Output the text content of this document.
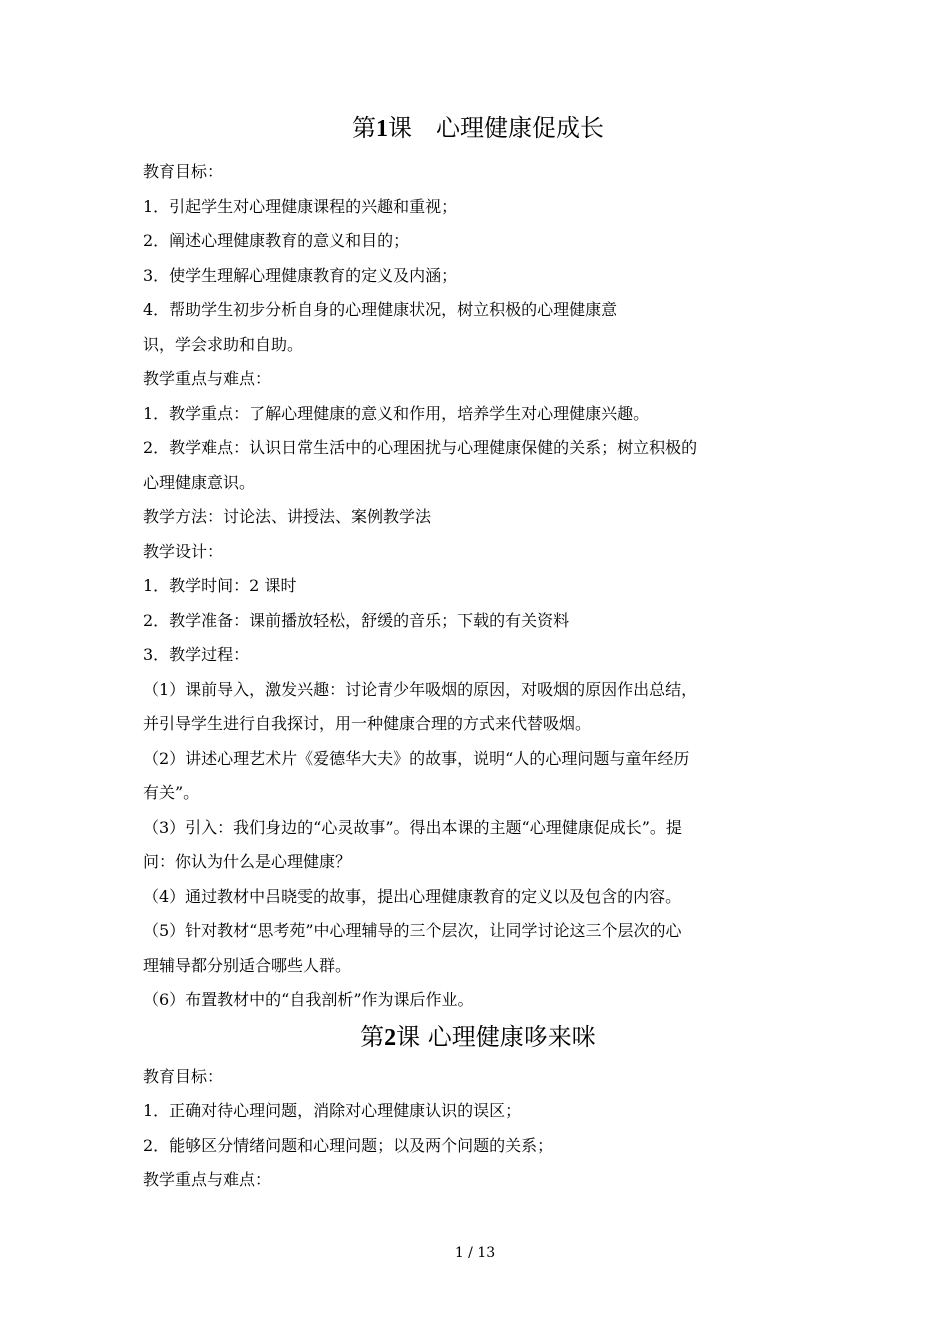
第1课　心理健康促成长

教育目标：

1．引起学生对心理健康课程的兴趣和重视；

2．阐述心理健康教育的意义和目的；

3．使学生理解心理健康教育的定义及内涵；

4．帮助学生初步分析自身的心理健康状况，树立积极的心理健康意

识，学会求助和自助。

教学重点与难点：

1．教学重点：了解心理健康的意义和作用，培养学生对心理健康兴趣。

2．教学难点：认识日常生活中的心理困扰与心理健康保健的关系；树立积极的

心理健康意识。

教学方法：讨论法、讲授法、案例教学法

教学设计：

1．教学时间：2 课时

2．教学准备：课前播放轻松，舒缓的音乐；下载的有关资料

3．教学过程：

（1）课前导入，激发兴趣：讨论青少年吸烟的原因，对吸烟的原因作出总结，

并引导学生进行自我探讨，用一种健康合理的方式来代替吸烟。

（2）讲述心理艺术片《爱德华大夫》的故事，说明“人的心理问题与童年经历

有关”。

（3）引入：我们身边的“心灵故事”。得出本课的主题“心理健康促成长”。提

问：你认为什么是心理健康？

（4）通过教材中吕晓雯的故事，提出心理健康教育的定义以及包含的内容。

（5）针对教材“思考苑”中心理辅导的三个层次，让同学讨论这三个层次的心

理辅导都分别适合哪些人群。

（6）布置教材中的“自我剖析”作为课后作业。

第2课 心理健康哆来咪

教育目标：

1．正确对待心理问题，消除对心理健康认识的误区；

2．能够区分情绪问题和心理问题；以及两个问题的关系；

教学重点与难点：

1 / 13
